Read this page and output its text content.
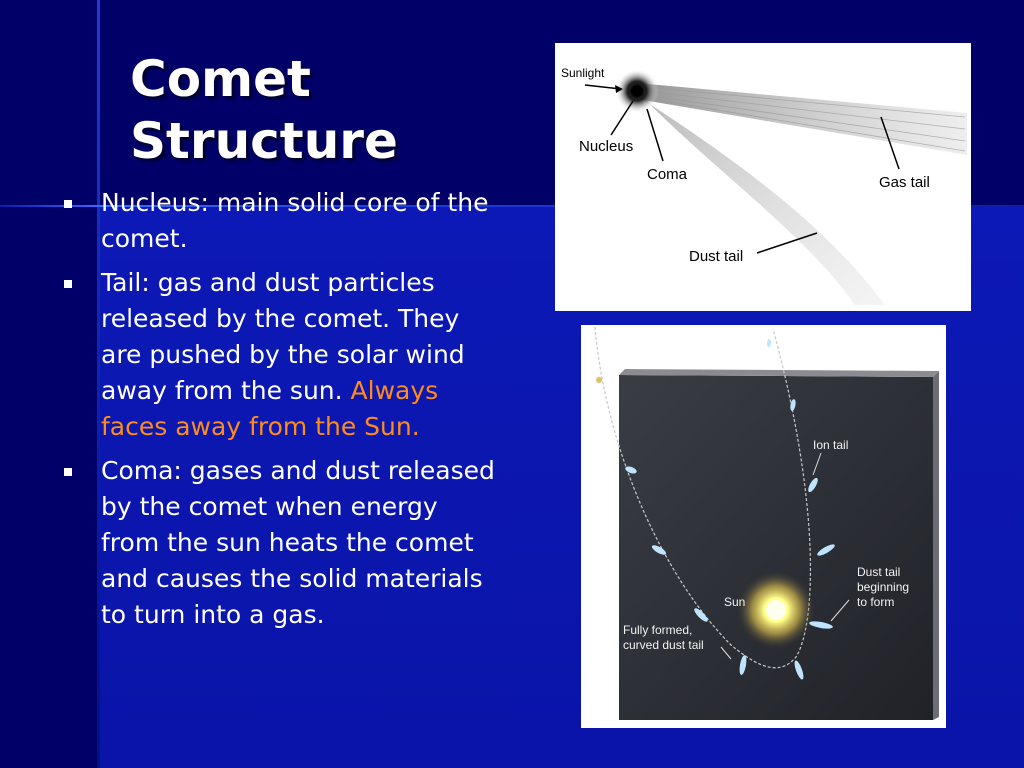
Comet
Structure
Nucleus: main solid core of the comet.
Tail: gas and dust particles released by the comet. They are pushed by the solar wind away from the sun. Always faces away from the Sun.
Coma: gases and dust released by the comet when energy from the sun heats the comet and causes the solid materials to turn into a gas.
Sunlight
Nucleus
Coma	Gas tail
Dust tail
Ion tail
Dust tail
beginning
to form
Sun
Fully formed,
curved dust tail
